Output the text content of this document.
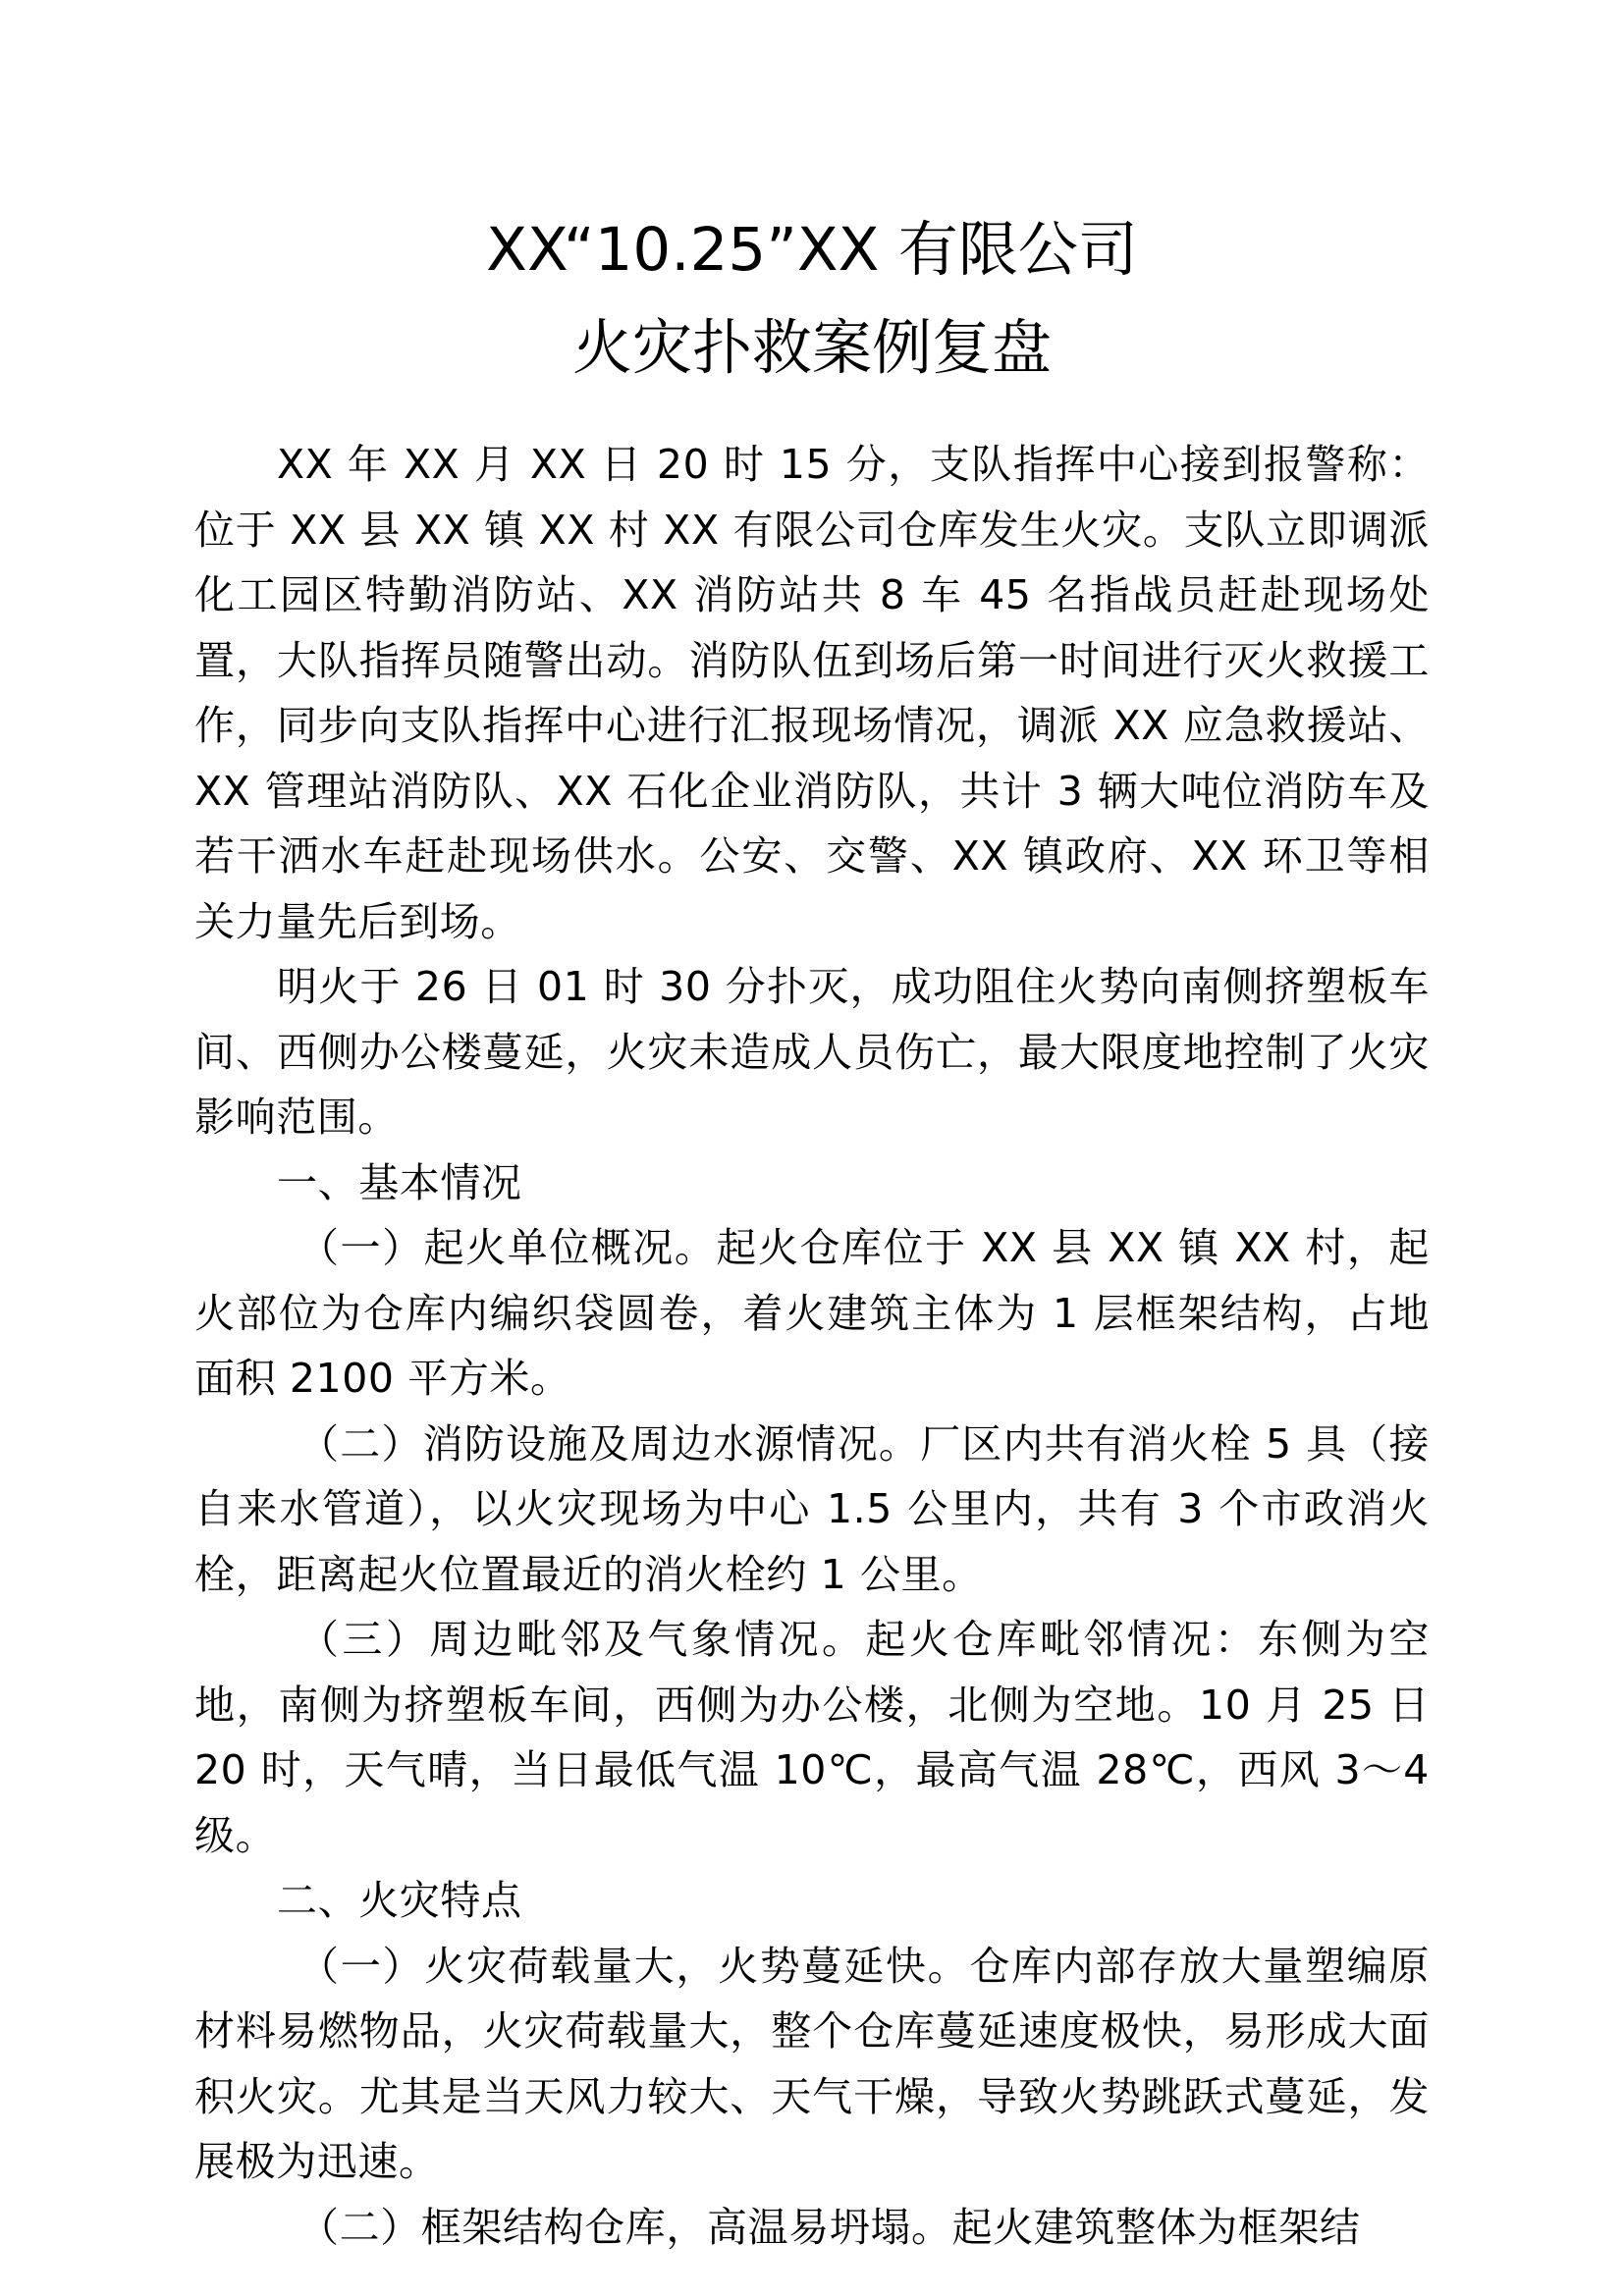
XX“10.25”XX 有限公司
火灾扑救案例复盘

XX 年 XX 月 XX 日 20 时 15 分，支队指挥中心接到报警称：位于 XX 县 XX 镇 XX 村 XX 有限公司仓库发生火灾。支队立即调派化工园区特勤消防站、XX 消防站共 8 车 45 名指战员赶赴现场处置，大队指挥员随警出动。消防队伍到场后第一时间进行灭火救援工作，同步向支队指挥中心进行汇报现场情况，调派 XX 应急救援站、XX 管理站消防队、XX 石化企业消防队，共计 3 辆大吨位消防车及若干洒水车赶赴现场供水。公安、交警、XX 镇政府、XX 环卫等相关力量先后到场。

明火于 26 日 01 时 30 分扑灭，成功阻住火势向南侧挤塑板车间、西侧办公楼蔓延，火灾未造成人员伤亡，最大限度地控制了火灾影响范围。

一、基本情况

（一）起火单位概况。起火仓库位于 XX 县 XX 镇 XX 村，起火部位为仓库内编织袋圆卷，着火建筑主体为 1 层框架结构，占地面积 2100 平方米。

（二）消防设施及周边水源情况。厂区内共有消火栓 5 具（接自来水管道），以火灾现场为中心 1.5 公里内，共有 3 个市政消火栓，距离起火位置最近的消火栓约 1 公里。

（三）周边毗邻及气象情况。起火仓库毗邻情况：东侧为空地，南侧为挤塑板车间，西侧为办公楼，北侧为空地。10 月 25 日 20 时，天气晴，当日最低气温 10℃，最高气温 28℃，西风 3～4 级。

二、火灾特点

（一）火灾荷载量大，火势蔓延快。仓库内部存放大量塑编原材料易燃物品，火灾荷载量大，整个仓库蔓延速度极快，易形成大面积火灾。尤其是当天风力较大、天气干燥，导致火势跳跃式蔓延，发展极为迅速。

（二）框架结构仓库，高温易坍塌。起火建筑整体为框架结
